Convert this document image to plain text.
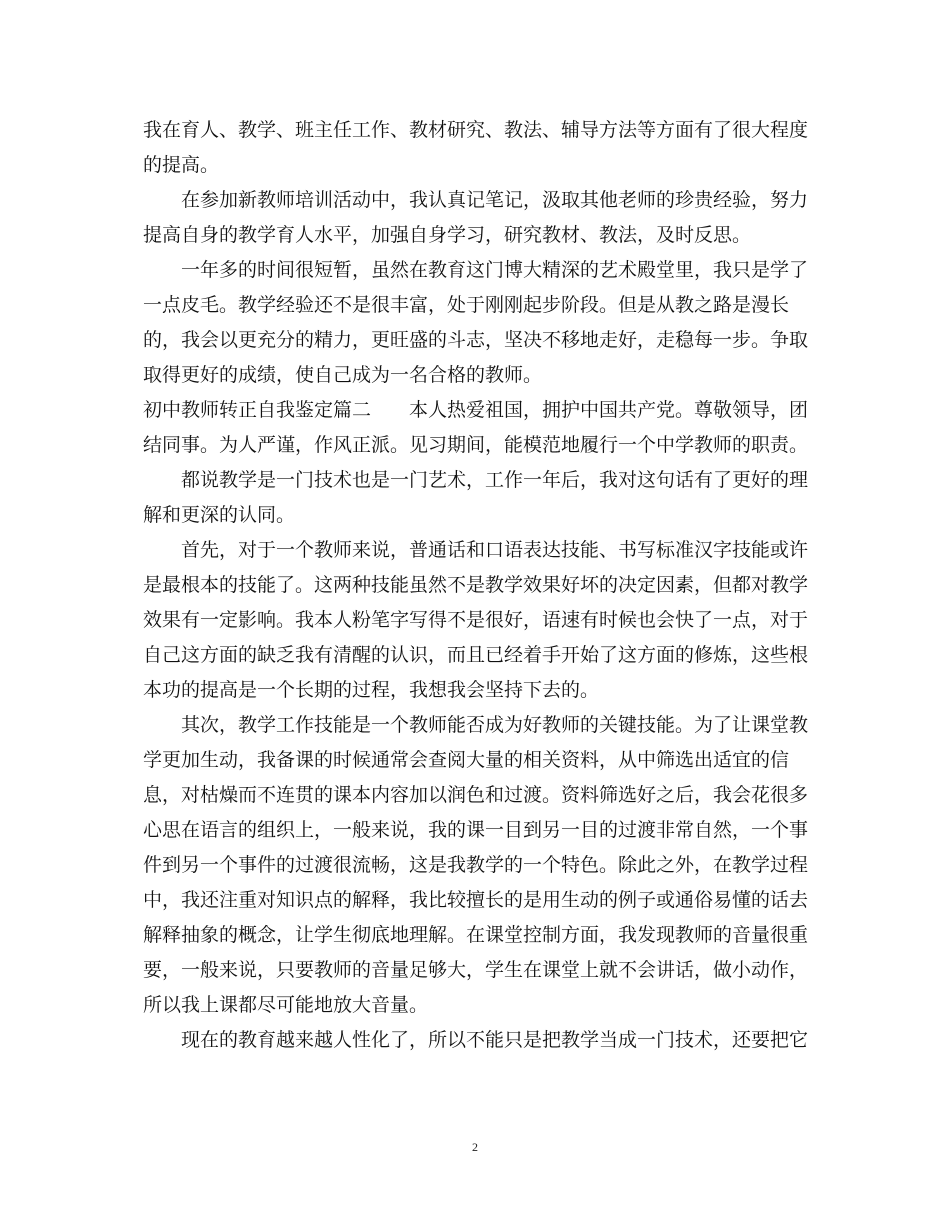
我在育人、教学、班主任工作、教材研究、教法、辅导方法等方面有了很大程度
的提高。
　　在参加新教师培训活动中，我认真记笔记，汲取其他老师的珍贵经验，努力
提高自身的教学育人水平，加强自身学习，研究教材、教法，及时反思。
　　一年多的时间很短暂，虽然在教育这门博大精深的艺术殿堂里，我只是学了
一点皮毛。教学经验还不是很丰富，处于刚刚起步阶段。但是从教之路是漫长
的，我会以更充分的精力，更旺盛的斗志，坚决不移地走好，走稳每一步。争取
取得更好的成绩，使自己成为一名合格的教师。
初中教师转正自我鉴定篇二 本人热爱祖国，拥护中国共产党。尊敬领导，团
结同事。为人严谨，作风正派。见习期间，能模范地履行一个中学教师的职责。
　　都说教学是一门技术也是一门艺术，工作一年后，我对这句话有了更好的理
解和更深的认同。
　　首先，对于一个教师来说，普通话和口语表达技能、书写标准汉字技能或许
是最根本的技能了。这两种技能虽然不是教学效果好坏的决定因素，但都对教学
效果有一定影响。我本人粉笔字写得不是很好，语速有时候也会快了一点，对于
自己这方面的缺乏我有清醒的认识，而且已经着手开始了这方面的修炼，这些根
本功的提高是一个长期的过程，我想我会坚持下去的。
　　其次，教学工作技能是一个教师能否成为好教师的关键技能。为了让课堂教
学更加生动，我备课的时候通常会查阅大量的相关资料，从中筛选出适宜的信
息，对枯燥而不连贯的课本内容加以润色和过渡。资料筛选好之后，我会花很多
心思在语言的组织上，一般来说，我的课一目到另一目的过渡非常自然，一个事
件到另一个事件的过渡很流畅，这是我教学的一个特色。除此之外，在教学过程
中，我还注重对知识点的解释，我比较擅长的是用生动的例子或通俗易懂的话去
解释抽象的概念，让学生彻底地理解。在课堂控制方面，我发现教师的音量很重
要，一般来说，只要教师的音量足够大，学生在课堂上就不会讲话，做小动作，
所以我上课都尽可能地放大音量。
　　现在的教育越来越人性化了，所以不能只是把教学当成一门技术，还要把它
2
